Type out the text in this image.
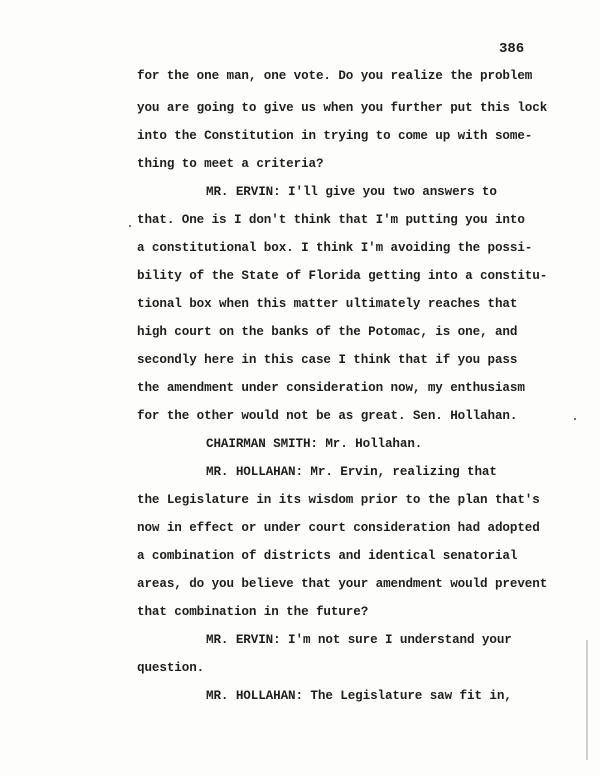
386
for the one man, one vote. Do you realize the problem
you are going to give us when you further put this lock
into the Constitution in trying to come up with some-
thing to meet a criteria?
MR. ERVIN: I'll give you two answers to
that. One is I don't think that I'm putting you into
a constitutional box. I think I'm avoiding the possi-
bility of the State of Florida getting into a constitu-
tional box when this matter ultimately reaches that
high court on the banks of the Potomac, is one, and
secondly here in this case I think that if you pass
the amendment under consideration now, my enthusiasm
for the other would not be as great. Sen. Hollahan.
CHAIRMAN SMITH: Mr. Hollahan.
MR. HOLLAHAN: Mr. Ervin, realizing that
the Legislature in its wisdom prior to the plan that's
now in effect or under court consideration had adopted
a combination of districts and identical senatorial
areas, do you believe that your amendment would prevent
that combination in the future?
MR. ERVIN: I'm not sure I understand your
question.
MR. HOLLAHAN: The Legislature saw fit in,
